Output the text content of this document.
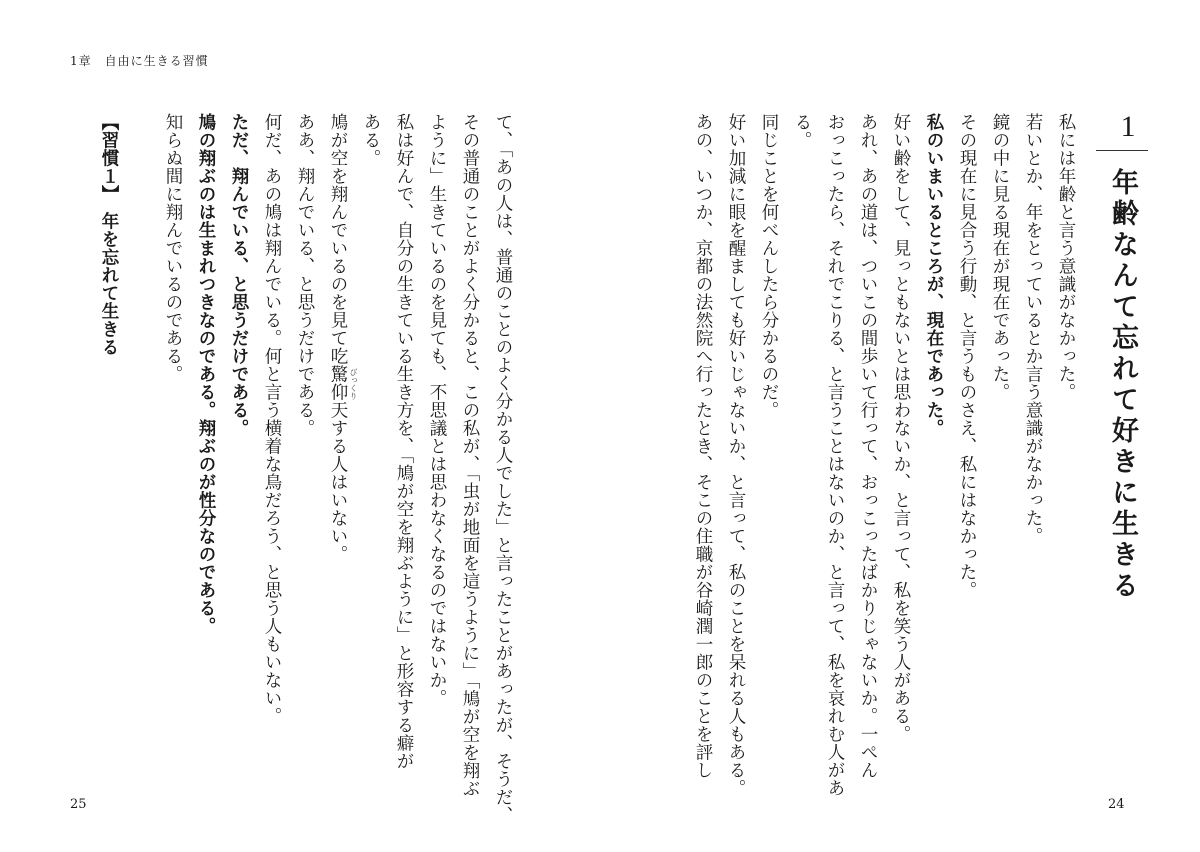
1章　自由に生きる習慣
1
年齢なんて忘れて好きに生きる
私には年齢と言う意識がなかった。
若いとか、年をとっているとか言う意識がなかった。
鏡の中に見る現在が現在であった。
その現在に見合う行動、と言うものさえ、私にはなかった。
私のいまいるところが、現在であった。
好い齢をして、見っともないとは思わないか、と言って、私を笑う人がある。
あれ、あの道は、ついこの間歩いて行って、おっこったばかりじゃないか。一ぺん
おっこったら、それでこりる、と言うことはないのか、と言って、私を哀れむ人があ
る。
同じことを何べんしたら分かるのだ。
好い加減に眼を醒ましても好いじゃないか、と言って、私のことを呆れる人もある。
あの、いつか、京都の法然院へ行ったとき、そこの住職が谷崎潤一郎のことを評し
て、「あの人は、普通のことのよく分かる人でした」と言ったことがあったが、そうだ、
その普通のことがよく分かると、この私が、「虫が地面を這うように」「鳩が空を翔ぶ
ように」生きているのを見ても、不思議とは思わなくなるのではないか。
私は好んで、自分の生きている生き方を、「鳩が空を翔ぶように」と形容する癖が
ある。
鳩が空を翔んでいるのを見て吃驚仰天する人はいない。 びっくり
ああ、翔んでいる、と思うだけである。
何だ、あの鳩は翔んでいる。何と言う横着な鳥だろう、と思う人もいない。
ただ、翔んでいる、と思うだけである。
鳩の翔ぶのは生まれつきなのである。翔ぶのが性分なのである。
知らぬ間に翔んでいるのである。
【習慣１】　年を忘れて生きる
25	24
